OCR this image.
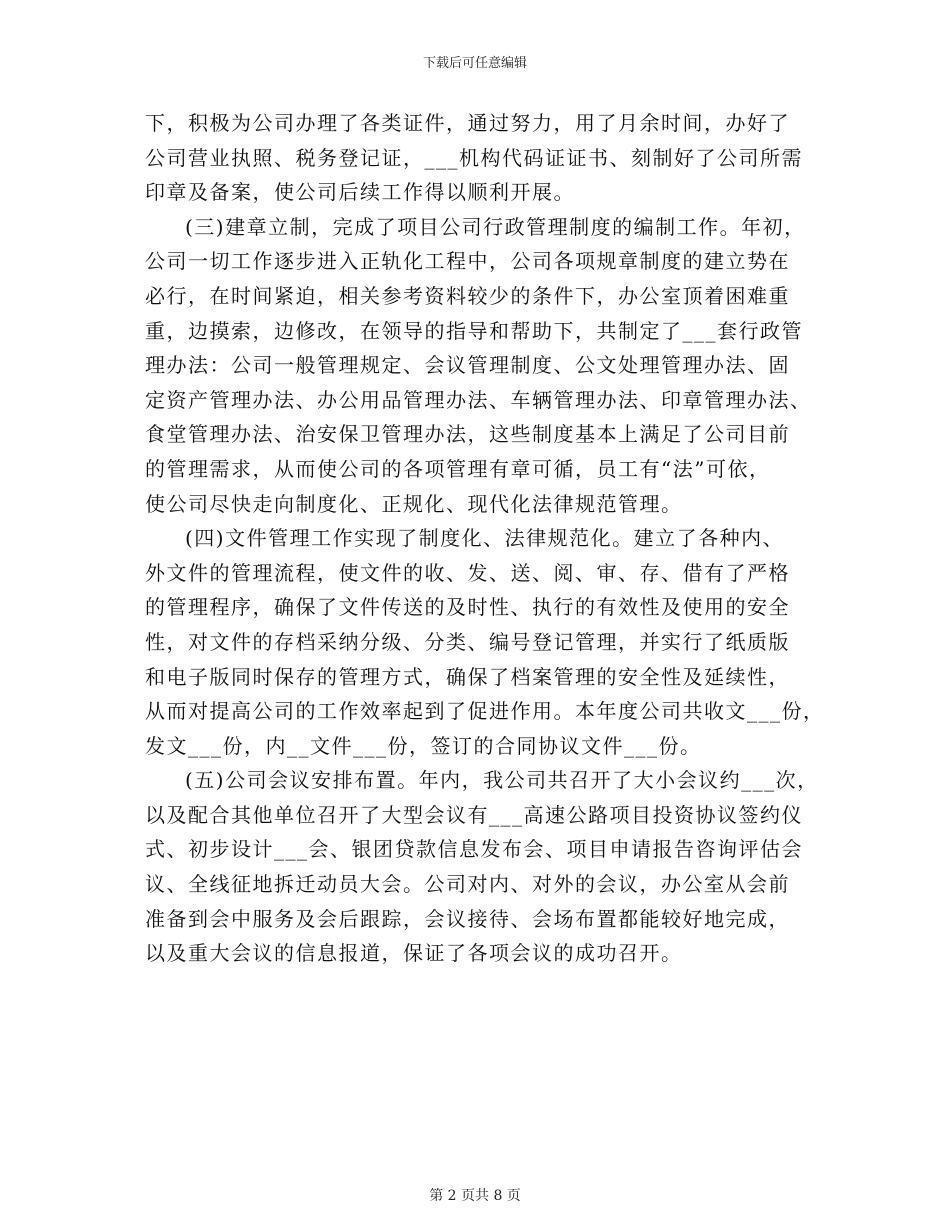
下载后可任意编辑
下，积极为公司办理了各类证件，通过努力，用了月余时间，办好了
公司营业执照、税务登记证，___机构代码证证书、刻制好了公司所需
印章及备案，使公司后续工作得以顺利开展。
(三)建章立制，完成了项目公司行政管理制度的编制工作。年初，
公司一切工作逐步进入正轨化工程中，公司各项规章制度的建立势在
必行，在时间紧迫，相关参考资料较少的条件下，办公室顶着困难重
重，边摸索，边修改，在领导的指导和帮助下，共制定了___套行政管
理办法：公司一般管理规定、会议管理制度、公文处理管理办法、固
定资产管理办法、办公用品管理办法、车辆管理办法、印章管理办法、
食堂管理办法、治安保卫管理办法，这些制度基本上满足了公司目前
的管理需求，从而使公司的各项管理有章可循，员工有“法”可依，
使公司尽快走向制度化、正规化、现代化法律规范管理。
(四)文件管理工作实现了制度化、法律规范化。建立了各种内、
外文件的管理流程，使文件的收、发、送、阅、审、存、借有了严格
的管理程序，确保了文件传送的及时性、执行的有效性及使用的安全
性，对文件的存档采纳分级、分类、编号登记管理，并实行了纸质版
和电子版同时保存的管理方式，确保了档案管理的安全性及延续性，
从而对提高公司的工作效率起到了促进作用。本年度公司共收文___份，
发文___份，内__文件___份，签订的合同协议文件___份。
(五)公司会议安排布置。年内，我公司共召开了大小会议约___次，
以及配合其他单位召开了大型会议有___高速公路项目投资协议签约仪
式、初步设计___会、银团贷款信息发布会、项目申请报告咨询评估会
议、全线征地拆迁动员大会。公司对内、对外的会议，办公室从会前
准备到会中服务及会后跟踪，会议接待、会场布置都能较好地完成，
以及重大会议的信息报道，保证了各项会议的成功召开。
第 2 页共 8 页
